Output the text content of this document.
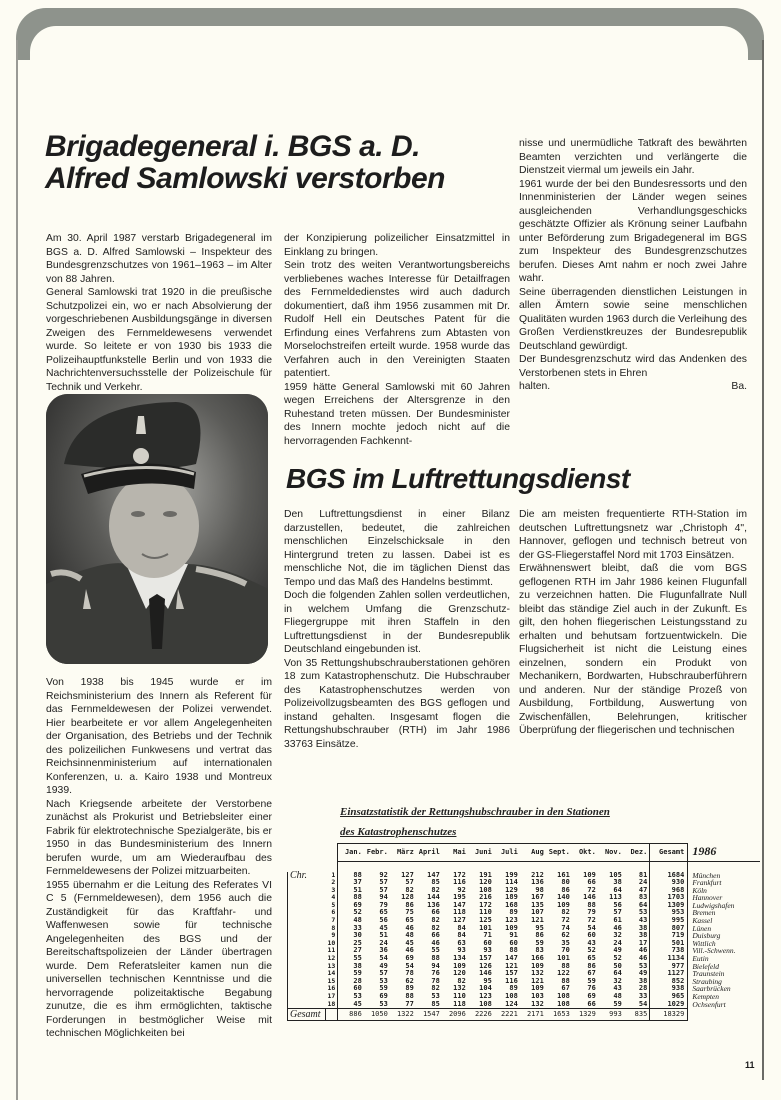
Brigadegeneral i. BGS a. D.
Alfred Samlowski verstorben

Am 30. April 1987 verstarb Brigadegeneral im BGS a. D. Alfred Samlowski – Inspekteur des Bundesgrenzschutzes von 1961–1963 – im Alter von 88 Jahren.

General Samlowski trat 1920 in die preußische Schutzpolizei ein, wo er nach Absolvierung der vorgeschriebenen Ausbildungsgänge in diversen Zweigen des Fernmeldewesens verwendet wurde. So leitete er von 1930 bis 1933 die Polizeihauptfunkstelle Berlin und von 1933 die Nachrichtenversuchsstelle der Polizeischule für Technik und Verkehr.

Von 1938 bis 1945 wurde er im Reichsministerium des Innern als Referent für das Fernmeldewesen der Polizei verwendet. Hier bearbeitete er vor allem Angelegenheiten der Organisation, des Betriebs und der Technik des polizeilichen Funkwesens und vertrat das Reichsinnenministerium auf internationalen Konferenzen, u. a. Kairo 1938 und Montreux 1939.

Nach Kriegsende arbeitete der Verstorbene zunächst als Prokurist und Betriebsleiter einer Fabrik für elektrotechnische Spezialgeräte, bis er 1950 in das Bundesministerium des Innern berufen wurde, um am Wiederaufbau des Fernmeldewesens der Polizei mitzuarbeiten.

1955 übernahm er die Leitung des Referates VI C 5 (Fernmeldewesen), dem 1956 auch die Zuständigkeit für das Kraftfahr- und Waffenwesen sowie für technische Angelegenheiten des BGS und der Bereitschaftspolizeien der Länder übertragen wurde. Dem Referatsleiter kamen nun die universellen technischen Kenntnisse und die hervorragende polizeitaktische Begabung zunutze, die es ihm ermöglichten, taktische Forderungen in bestmöglicher Weise mit technischen Möglichkeiten bei

der Konzipierung polizeilicher Einsatzmittel in Einklang zu bringen.

Sein trotz des weiten Verantwortungsbereichs verbliebenes waches Interesse für Detailfragen des Fernmeldedienstes wird auch dadurch dokumentiert, daß ihm 1956 zusammen mit Dr. Rudolf Hell ein Deutsches Patent für die Erfindung eines Verfahrens zum Abtasten von Morselochstreifen erteilt wurde. 1958 wurde das Verfahren auch in den Vereinigten Staaten patentiert.

1959 hätte General Samlowski mit 60 Jahren wegen Erreichens der Altersgrenze in den Ruhestand treten müssen. Der Bundesminister des Innern mochte jedoch nicht auf die hervorragenden Fachkennt-

nisse und unermüdliche Tatkraft des bewährten Beamten verzichten und verlängerte die Dienstzeit viermal um jeweils ein Jahr.

1961 wurde der bei den Bundesressorts und den Innenministerien der Länder wegen seines ausgleichenden Verhandlungsgeschicks geschätzte Offizier als Krönung seiner Laufbahn unter Beförderung zum Brigadegeneral im BGS zum Inspekteur des Bundesgrenzschutzes berufen. Dieses Amt nahm er noch zwei Jahre wahr.

Seine überragenden dienstlichen Leistungen in allen Ämtern sowie seine menschlichen Qualitäten wurden 1963 durch die Verleihung des Großen Verdienstkreuzes der Bundesrepublik Deutschland gewürdigt.

Der Bundesgrenzschutz wird das Andenken des Verstorbenen stets in Ehren

halten.	Ba.

BGS im Luftrettungsdienst

Den Luftrettungsdienst in einer Bilanz darzustellen, bedeutet, die zahlreichen menschlichen Einzelschicksale in den Hintergrund treten zu lassen. Dabei ist es menschliche Not, die im täglichen Dienst das Tempo und das Maß des Handelns bestimmt.

Doch die folgenden Zahlen sollen verdeutlichen, in welchem Umfang die Grenzschutz-Fliegergruppe mit ihren Staffeln in den Luftrettungsdienst in der Bundesrepublik Deutschland eingebunden ist.

Von 35 Rettungshubschrauberstationen gehören 18 zum Katastrophenschutz. Die Hubschrauber des Katastrophenschutzes werden von Polizeivollzugsbeamten des BGS geflogen und instand gehalten. Insgesamt flogen die Rettungshubschrauber (RTH) im Jahr 1986 33763 Einsätze.

Die am meisten frequentierte RTH-Station im deutschen Luftrettungsnetz war „Christoph 4", Hannover, geflogen und technisch betreut von der GS-Fliegerstaffel Nord mit 1703 Einsätzen.

Erwähnenswert bleibt, daß die vom BGS geflogenen RTH im Jahr 1986 keinen Flugunfall zu verzeichnen hatten. Die Flugunfallrate Null bleibt das ständige Ziel auch in der Zukunft. Es gilt, den hohen fliegerischen Leistungsstand zu erhalten und behutsam fortzuentwickeln. Die Flugsicherheit ist nicht die Leistung eines einzelnen, sondern ein Produkt von Mechanikern, Bordwarten, Hubschrauberführern und anderen. Nur der ständige Prozeß von Ausbildung, Fortbildung, Auswertung von Zwischenfällen, Belehrungen, kritischer Überprüfung der fliegerischen und technischen

Einsatzstatistik der Rettungshubschrauber in den Stationen
des Katastrophenschutzes
		Jan.	Febr.	März	April	Mai	Juni	Juli	Aug	Sept.	Okt.	Nov.	Dez.	Gesamt	1986

Chr.	1	88	92	127	147	172	191	199	212	161	109	105	81	1684	München
	2	37	57	57	85	116	120	114	136	80	66	38	24	930	Frankfurt
	3	51	57	82	82	92	108	129	98	86	72	64	47	968	Köln
	4	88	94	128	144	195	216	189	167	140	146	113	83	1703	Hannover
	5	69	79	86	136	147	172	168	135	109	88	56	64	1309	Ludwigshafen
	6	52	65	75	66	118	110	89	107	82	79	57	53	953	Bremen
	7	48	56	65	82	127	125	123	121	72	72	61	43	995	Kassel
	8	33	45	46	82	84	101	109	95	74	54	46	38	807	Lünen
	9	30	51	48	66	84	71	91	86	62	60	32	38	719	Duisburg
	10	25	24	45	46	63	60	60	59	35	43	24	17	501	Wittlich
	11	27	36	46	55	93	93	88	83	70	52	49	46	738	Vill.-Schwenn.
	12	55	54	69	88	134	157	147	166	101	65	52	46	1134	Eutin
	13	38	49	54	94	109	126	121	109	88	86	50	53	977	Bielefeld
	14	59	57	78	76	120	146	157	132	122	67	64	49	1127	Traunstein
	15	28	53	62	78	82	95	116	121	88	59	32	38	852	Straubing
	16	60	59	89	82	132	104	89	109	67	76	43	28	938	Saarbrücken
	17	53	69	88	53	110	123	108	103	108	69	48	33	965	Kempten
	18	45	53	77	85	118	108	124	132	108	66	59	54	1029	Ochsenfurt
Gesamt		886	1050	1322	1547	2096	2226	2221	2171	1653	1329	993	835	18329	
11
